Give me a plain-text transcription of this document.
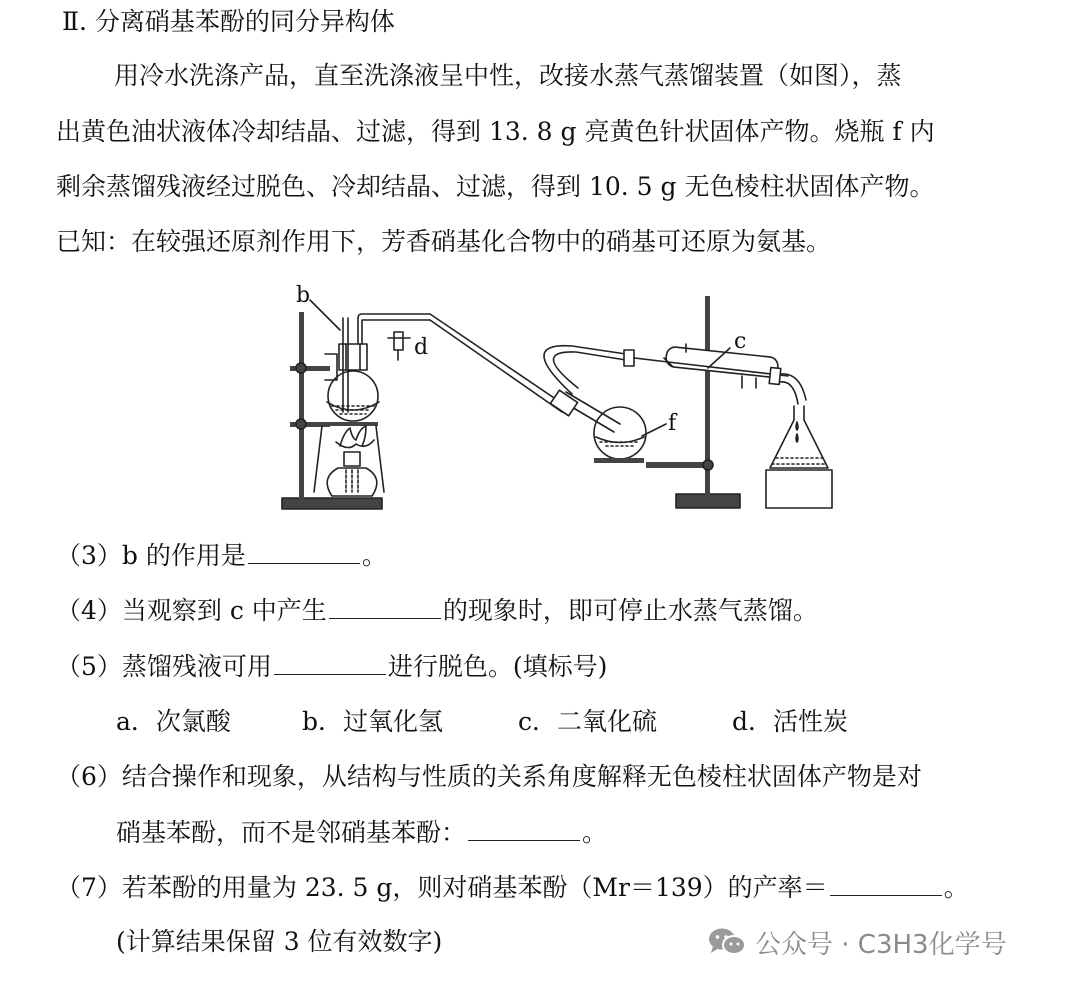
Ⅱ. 分离硝基苯酚的同分异构体
用冷水洗涤产品，直至洗涤液呈中性，改接水蒸气蒸馏装置（如图），蒸
出黄色油状液体冷却结晶、过滤，得到 13. 8 g 亮黄色针状固体产物。烧瓶 f 内
剩余蒸馏残液经过脱色、冷却结晶、过滤，得到 10. 5 g 无色棱柱状固体产物。
已知：在较强还原剂作用下，芳香硝基化合物中的硝基可还原为氨基。
b
d	c
f
（3）b 的作用是	。
（4）当观察到 c 中产生	的现象时，即可停止水蒸气蒸馏。
（5）蒸馏残液可用	进行脱色。(填标号)
a．次氯酸	b．过氧化氢	c．二氧化硫	d．活性炭
（6）结合操作和现象，从结构与性质的关系角度解释无色棱柱状固体产物是对
硝基苯酚，而不是邻硝基苯酚：	。
（7）若苯酚的用量为 23. 5 g，则对硝基苯酚（Mr＝139）的产率＝	。
(计算结果保留 3 位有效数字)	公众号 · C3H3化学号
